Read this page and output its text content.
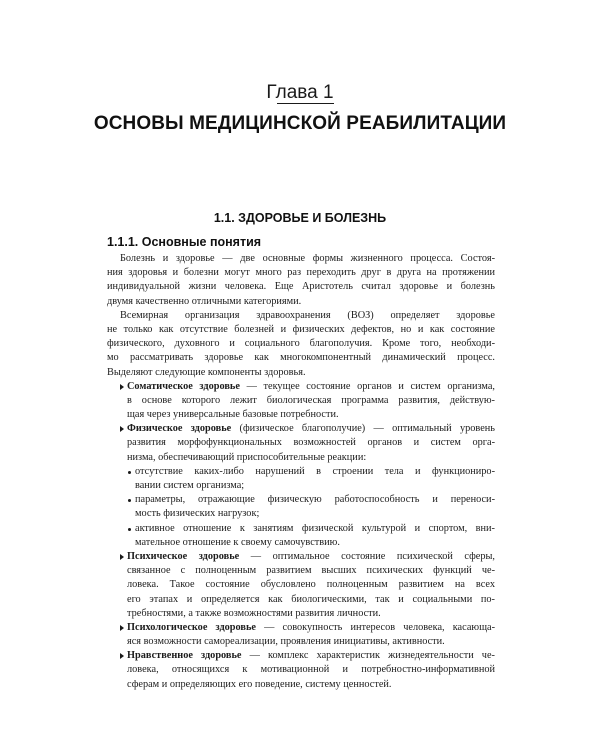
Глава 1
ОСНОВЫ МЕДИЦИНСКОЙ РЕАБИЛИТАЦИИ
1.1. ЗДОРОВЬЕ И БОЛЕЗНЬ
1.1.1. Основные понятия
Болезнь и здоровье — две основные формы жизненного процесса. Состоя-
ния здоровья и болезни могут много раз переходить друг в друга на протяжении
индивидуальной жизни человека. Еще Аристотель считал здоровье и болезнь
двумя качественно отличными категориями.
Всемирная организация здравоохранения (ВОЗ) определяет здоровье
не только как отсутствие болезней и физических дефектов, но и как состояние
физического, духовного и социального благополучия. Кроме того, необходи-
мо рассматривать здоровье как многокомпонентный динамический процесс.
Выделяют следующие компоненты здоровья.
Соматическое здоровье — текущее состояние органов и систем организма,
в основе которого лежит биологическая программа развития, действую-
щая через универсальные базовые потребности.
Физическое здоровье (физическое благополучие) — оптимальный уровень
развития морфофункциональных возможностей органов и систем орга-
низма, обеспечивающий приспособительные реакции:
отсутствие каких-либо нарушений в строении тела и функциониро-
вании систем организма;
параметры, отражающие физическую работоспособность и переноси-
мость физических нагрузок;
активное отношение к занятиям физической культурой и спортом, вни-
мательное отношение к своему самочувствию.
Психическое здоровье — оптимальное состояние психической сферы,
связанное с полноценным развитием высших психических функций че-
ловека. Такое состояние обусловлено полноценным развитием на всех
его этапах и определяется как биологическими, так и социальными по-
требностями, а также возможностями развития личности.
Психологическое здоровье — совокупность интересов человека, касающа-
яся возможности самореализации, проявления инициативы, активности.
Нравственное здоровье — комплекс характеристик жизнедеятельности че-
ловека, относящихся к мотивационной и потребностно-информативной
сферам и определяющих его поведение, систему ценностей.
